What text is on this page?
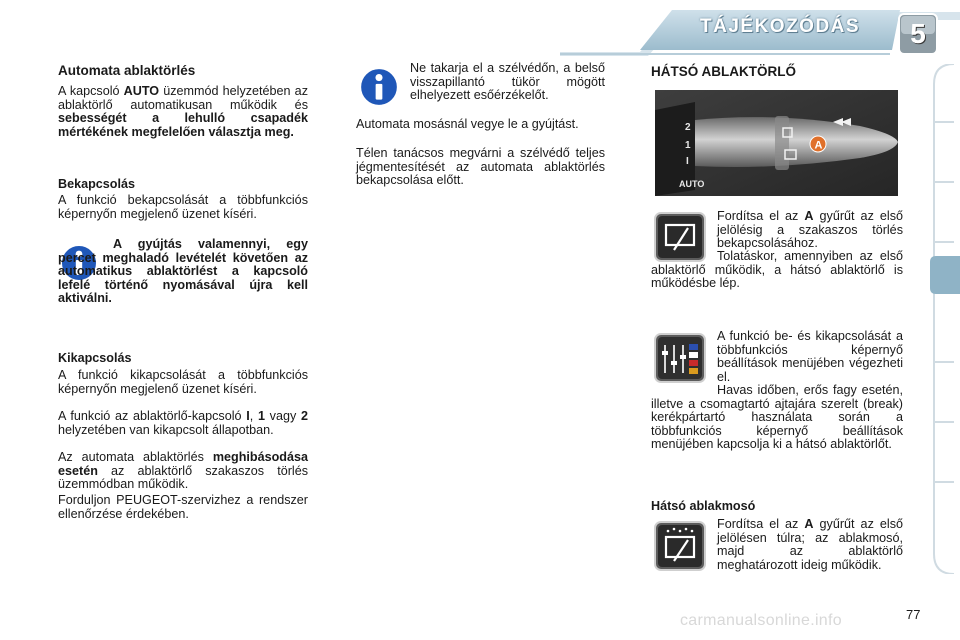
TÁJÉKOZÓDÁS	5
Automata ablaktörlés

A kapcsoló AUTO üzemmód helyzetében az ablaktörlő automatikusan működik és sebességét a lehulló csapadék mértékének megfelelően választja meg.

Bekapcsolás

A funkció bekapcsolását a többfunkciós képernyőn megjelenő üzenet kíséri.

A gyújtás valamennyi, egy percet meghaladó levételét követően az automatikus ablaktörlést a kapcsoló lefelé történő nyomásával újra kell aktiválni.

Kikapcsolás

A funkció kikapcsolását a többfunkciós képernyőn megjelenő üzenet kíséri.

A funkció az ablaktörlő-kapcsoló I, 1 vagy 2 helyzetében van kikapcsolt állapotban.

Az automata ablaktörlés meghibásodása esetén az ablaktörlő szakaszos törlés üzemmódban működik.

Forduljon PEUGEOT-szervizhez a rendszer ellenőrzése érdekében.

Ne takarja el a szélvédőn, a belső visszapillantó tükör mögött elhelyezett esőérzékelőt.

Automata mosásnál vegye le a gyújtást.

Télen tanácsos megvárni a szélvédő teljes jégmentesítését az automata ablaktörlés bekapcsolása előtt.

HÁTSÓ ABLAKTÖRLŐ
A
2
1
I
AUTO

Fordítsa el az A gyűrűt az első jelölésig a szakaszos törlés bekapcsolásához.

Tolatáskor, amennyiben az első ablaktörlő működik, a hátsó ablaktörlő is működésbe lép.

A funkció be- és kikapcsolását a többfunkciós képernyő beállítások menüjében végezheti el.

Havas időben, erős fagy esetén, illetve a csomagtartó ajtajára szerelt (break) kerékpártartó használata során a többfunkciós képernyő beállítások menüjében kapcsolja ki a hátsó ablaktörlőt.

Hátsó ablakmosó

Fordítsa el az A gyűrűt az első jelölésen túlra; az ablakmosó, majd az ablaktörlő meghatározott ideig működik.

carmanualsonline.info	77
